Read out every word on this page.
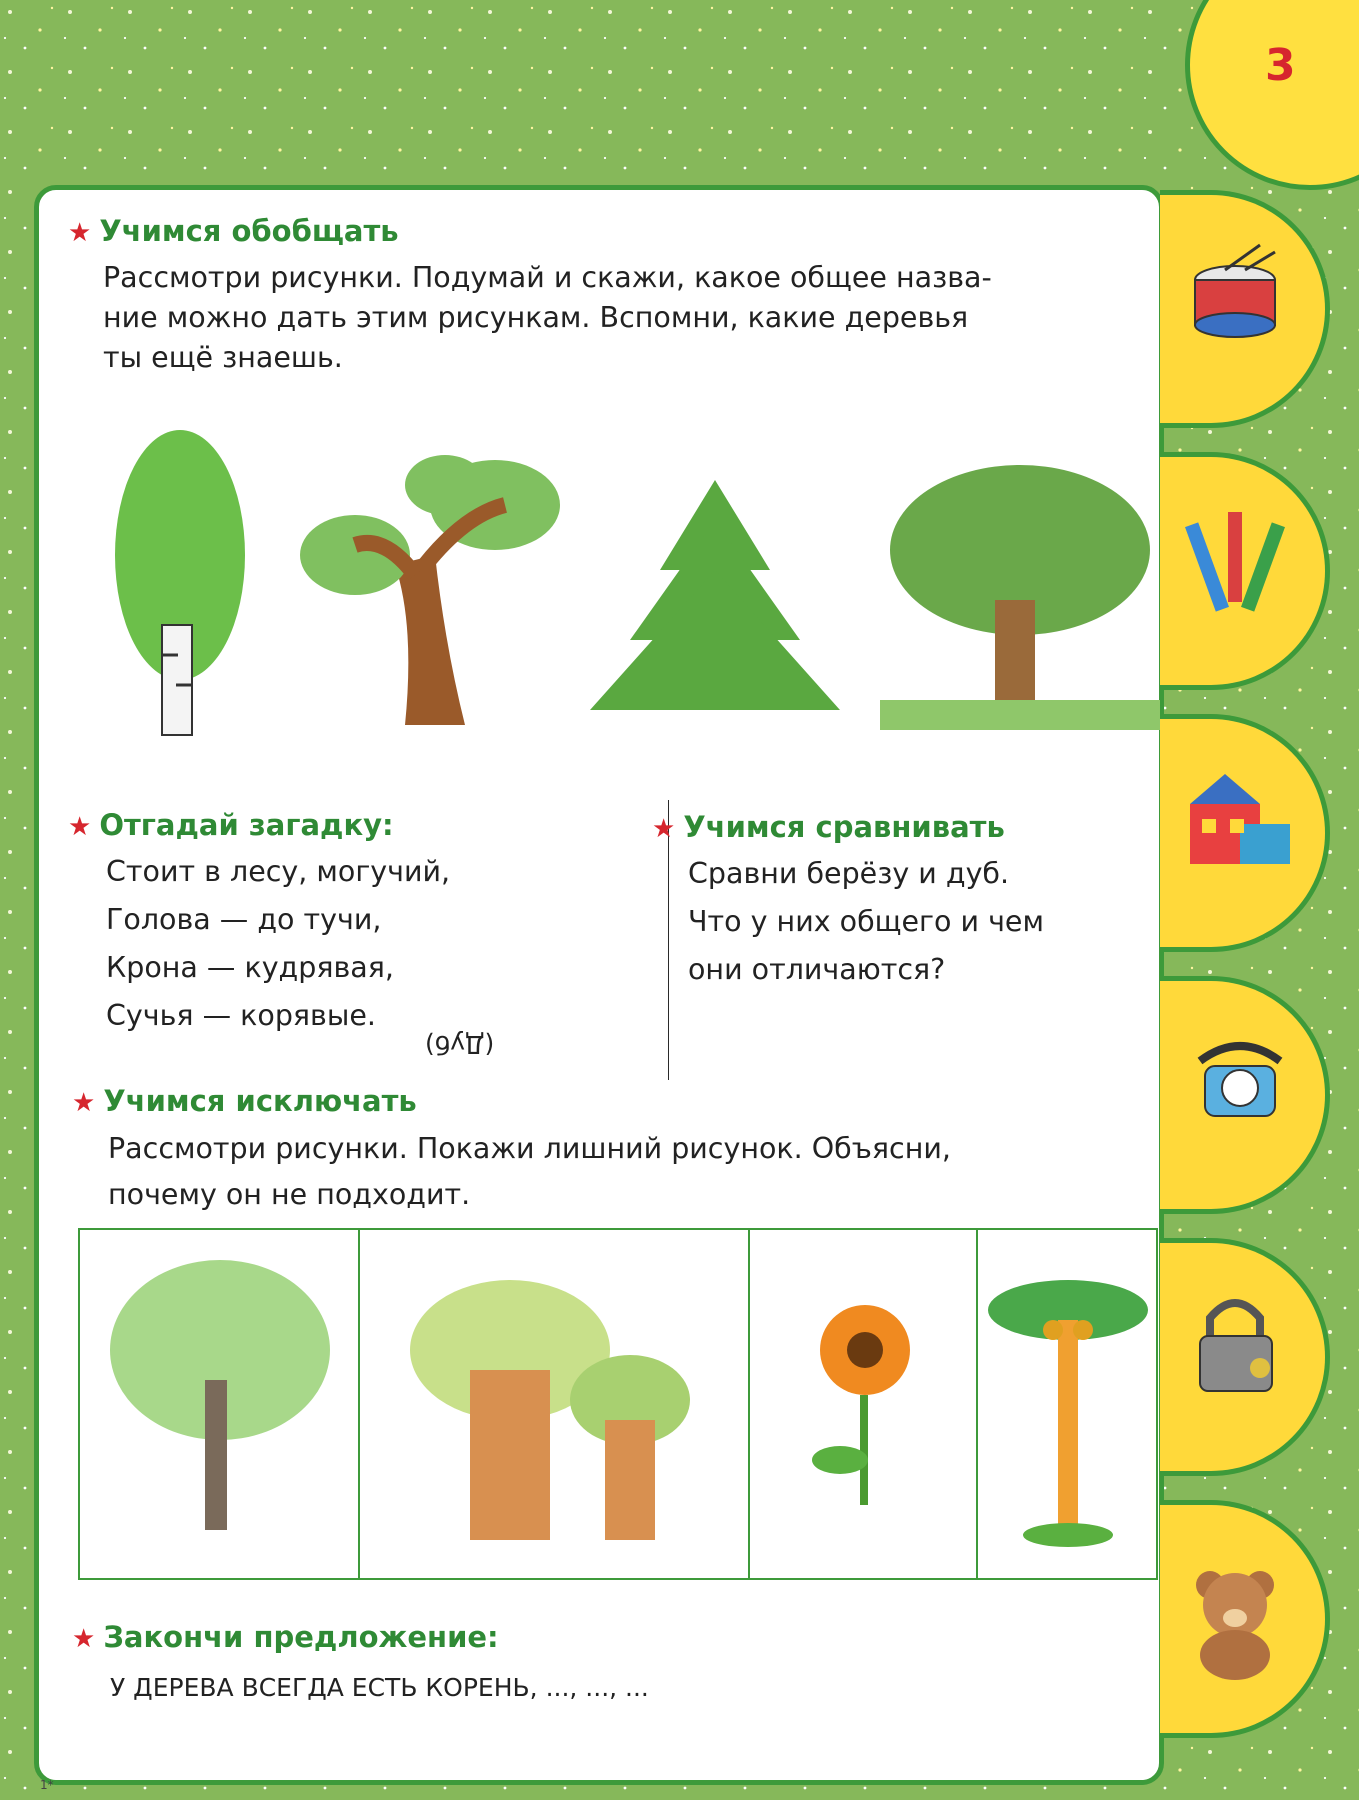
3
★ Учимся обобщать
Рассмотри рисунки. Подумай и скажи, какое общее назва-
ние можно дать этим рисункам. Вспомни, какие деревья
ты ещё знаешь.
★ Отгадай загадку:
Стоит в лесу, могучий,
Голова — до тучи,
Крона — кудрявая,
Сучья — корявые.
(Дуб)
★ Учимся сравнивать
Сравни берёзу и дуб.
Что у них общего и чем
они отличаются?
★ Учимся исключать
Рассмотри рисунки. Покажи лишний рисунок. Объясни,
почему он не подходит.
★ Закончи предложение:
У ДЕРЕВА ВСЕГДА ЕСТЬ КОРЕНЬ, ..., ..., ...
1*
